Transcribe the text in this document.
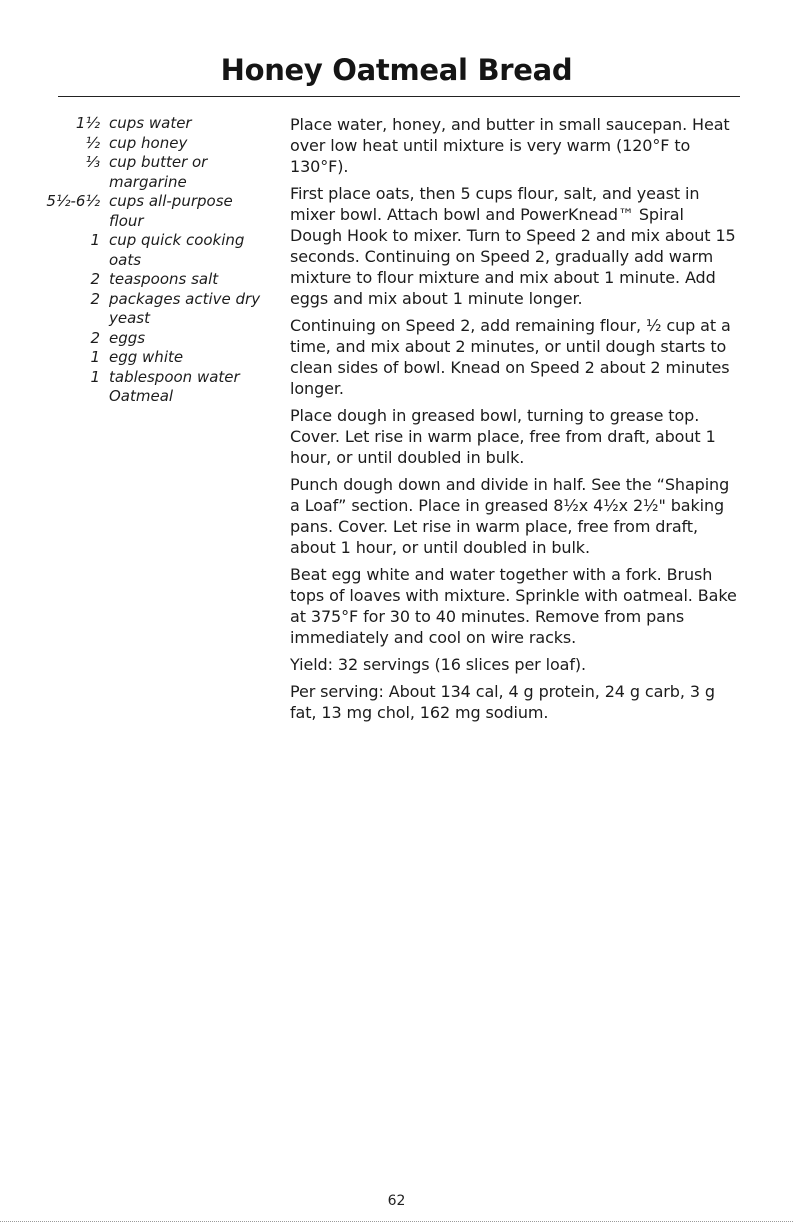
Honey Oatmeal Bread
1½ cups water
½ cup honey
⅓ cup butter or margarine
5½-6½ cups all-purpose flour
1 cup quick cooking oats
2 teaspoons salt
2 packages active dry yeast
2 eggs
1 egg white
1 tablespoon water
Oatmeal

Place water, honey, and butter in small saucepan. Heat over low heat until mixture is very warm (120°F to 130°F).

First place oats, then 5 cups flour, salt, and yeast in mixer bowl. Attach bowl and PowerKnead™ Spiral Dough Hook to mixer. Turn to Speed 2 and mix about 15 seconds. Continuing on Speed 2, gradually add warm mixture to flour mixture and mix about 1 minute. Add eggs and mix about 1 minute longer.

Continuing on Speed 2, add remaining flour, ½ cup at a time, and mix about 2 minutes, or until dough starts to clean sides of bowl. Knead on Speed 2 about 2 minutes longer.

Place dough in greased bowl, turning to grease top. Cover. Let rise in warm place, free from draft, about 1 hour, or until doubled in bulk.

Punch dough down and divide in half. See the “Shaping a Loaf” section. Place in greased 8½x 4½x 2½" baking pans. Cover. Let rise in warm place, free from draft, about 1 hour, or until doubled in bulk.

Beat egg white and water together with a fork. Brush tops of loaves with mixture. Sprinkle with oatmeal. Bake at 375°F for 30 to 40 minutes. Remove from pans immediately and cool on wire racks.

Yield: 32 servings (16 slices per loaf).

Per serving: About 134 cal, 4 g protein, 24 g carb, 3 g fat, 13 mg chol, 162 mg sodium.

62
